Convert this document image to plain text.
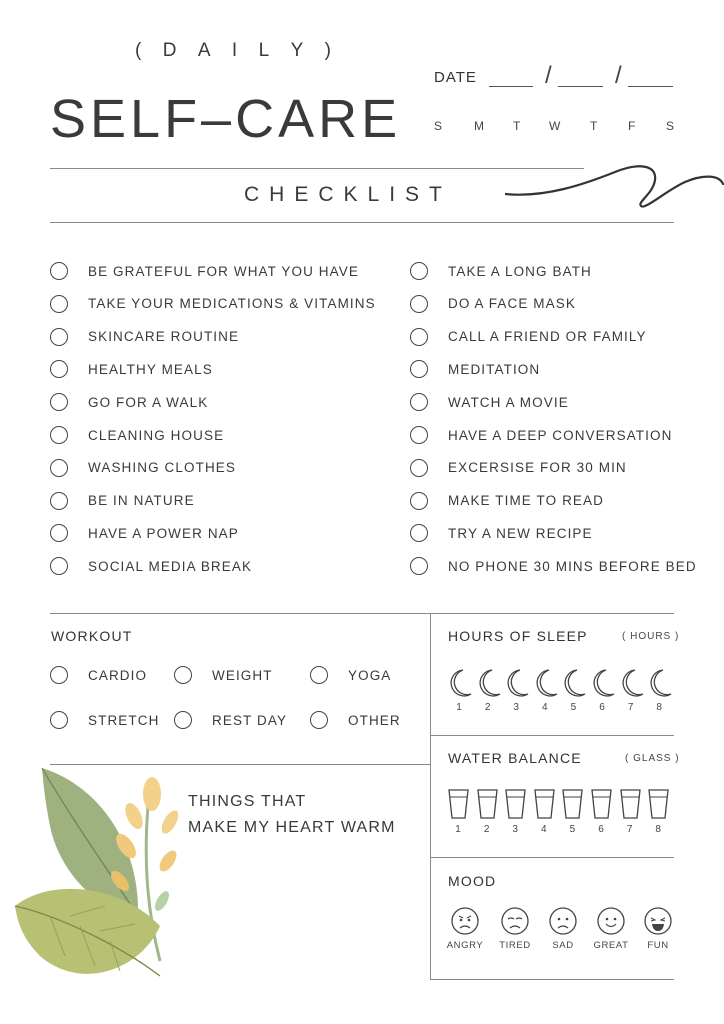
( D A I L Y )
SELF–CARE
DATE	/	/
S	M T W T F S
CHECKLIST
BE GRATEFUL FOR WHAT YOU HAVE
TAKE YOUR MEDICATIONS & VITAMINS
SKINCARE ROUTINE
HEALTHY MEALS
GO FOR A WALK
CLEANING HOUSE
WASHING CLOTHES
BE IN NATURE
HAVE A POWER NAP
SOCIAL MEDIA BREAK
TAKE A LONG BATH
DO A FACE MASK
CALL A FRIEND OR FAMILY
MEDITATION
WATCH A MOVIE
HAVE A DEEP CONVERSATION
EXCERSISE FOR 30 MIN
MAKE TIME TO READ
TRY A NEW RECIPE
NO PHONE 30 MINS BEFORE BED
WORKOUT
CARDIO	WEIGHT	YOGA
STRETCH	REST DAY	OTHER
THINGS THAT
MAKE MY HEART WARM
HOURS OF SLEEP	( HOURS )
1	2	3	4	5	6	7	8
WATER BALANCE	( GLASS )
1	2	3	4	5	6	7	8
MOOD
ANGRY	TIRED	SAD	GREAT	FUN
